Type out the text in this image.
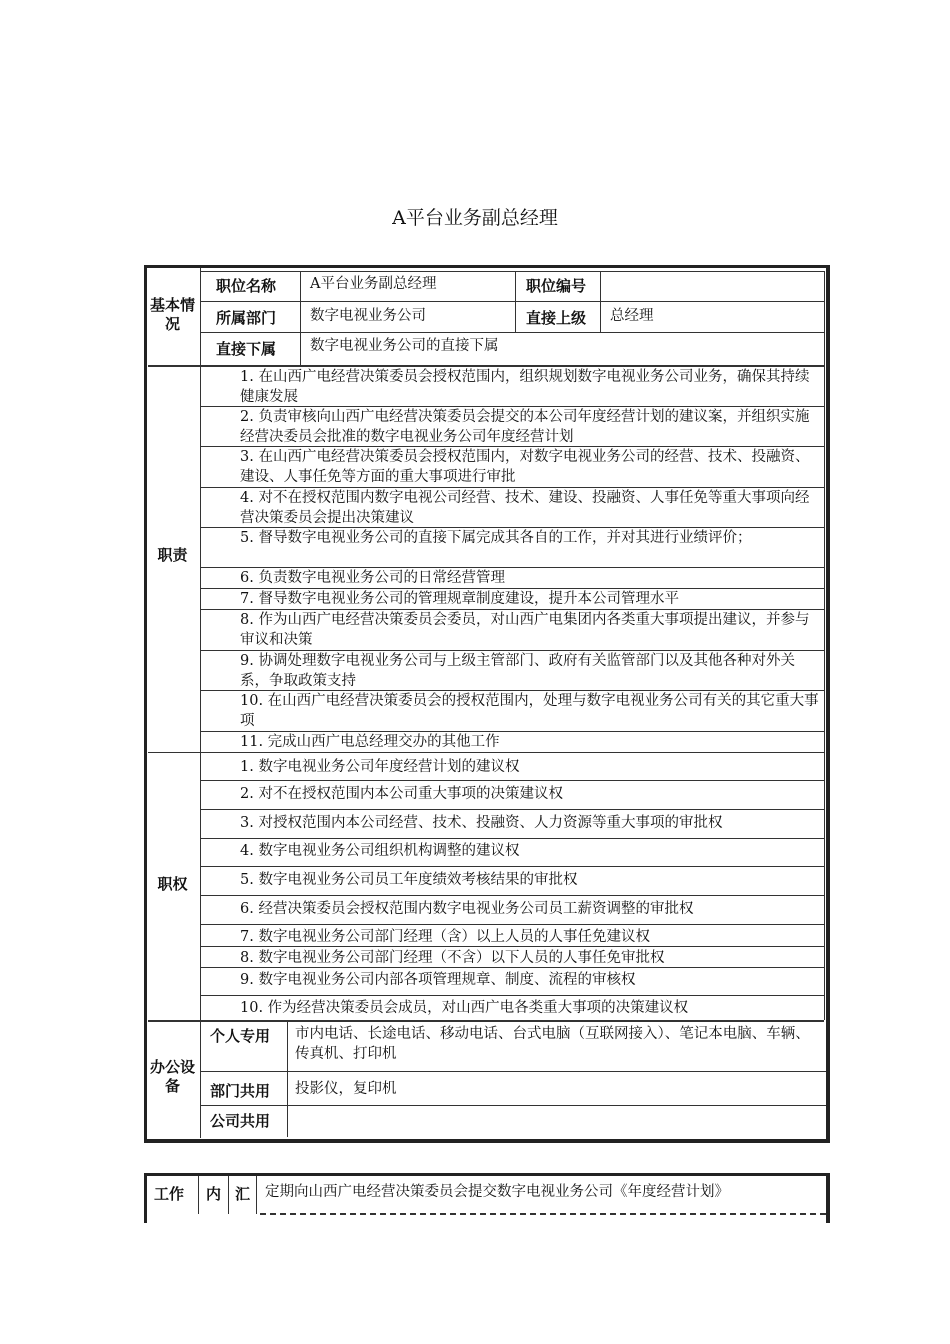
A平台业务副总经理
基本情况
职位名称 A平台业务副总经理	职位编号
所属部门 数字电视业务公司	直接上级 总经理
直接下属 数字电视业务公司的直接下属
职责
1. 在山西广电经营决策委员会授权范围内，组织规划数字电视业务公司业务，确保其持续健康发展
2. 负责审核向山西广电经营决策委员会提交的本公司年度经营计划的建议案，并组织实施经营决委员会批准的数字电视业务公司年度经营计划
3. 在山西广电经营决策委员会授权范围内，对数字电视业务公司的经营、技术、投融资、建设、人事任免等方面的重大事项进行审批
4. 对不在授权范围内数字电视公司经营、技术、建设、投融资、人事任免等重大事项向经营决策委员会提出决策建议
5. 督导数字电视业务公司的直接下属完成其各自的工作，并对其进行业绩评价；
6. 负责数字电视业务公司的日常经营管理
7. 督导数字电视业务公司的管理规章制度建设，提升本公司管理水平
8. 作为山西广电经营决策委员会委员，对山西广电集团内各类重大事项提出建议，并参与审议和决策
9. 协调处理数字电视业务公司与上级主管部门、政府有关监管部门以及其他各种对外关系，争取政策支持
10. 在山西广电经营决策委员会的授权范围内，处理与数字电视业务公司有关的其它重大事项
11. 完成山西广电总经理交办的其他工作
职权
1. 数字电视业务公司年度经营计划的建议权
2. 对不在授权范围内本公司重大事项的决策建议权
3. 对授权范围内本公司经营、技术、投融资、人力资源等重大事项的审批权
4. 数字电视业务公司组织机构调整的建议权
5. 数字电视业务公司员工年度绩效考核结果的审批权
6. 经营决策委员会授权范围内数字电视业务公司员工薪资调整的审批权
7. 数字电视业务公司部门经理（含）以上人员的人事任免建议权
8. 数字电视业务公司部门经理（不含）以下人员的人事任免审批权
9. 数字电视业务公司内部各项管理规章、制度、流程的审核权
10. 作为经营决策委员会成员，对山西广电各类重大事项的决策建议权
办公设备
个人专用 市内电话、长途电话、移动电话、台式电脑（互联网接入）、笔记本电脑、车辆、传真机、打印机
部门共用 投影仪，复印机
公司共用
工作 内 汇 定期向山西广电经营决策委员会提交数字电视业务公司《年度经营计划》
